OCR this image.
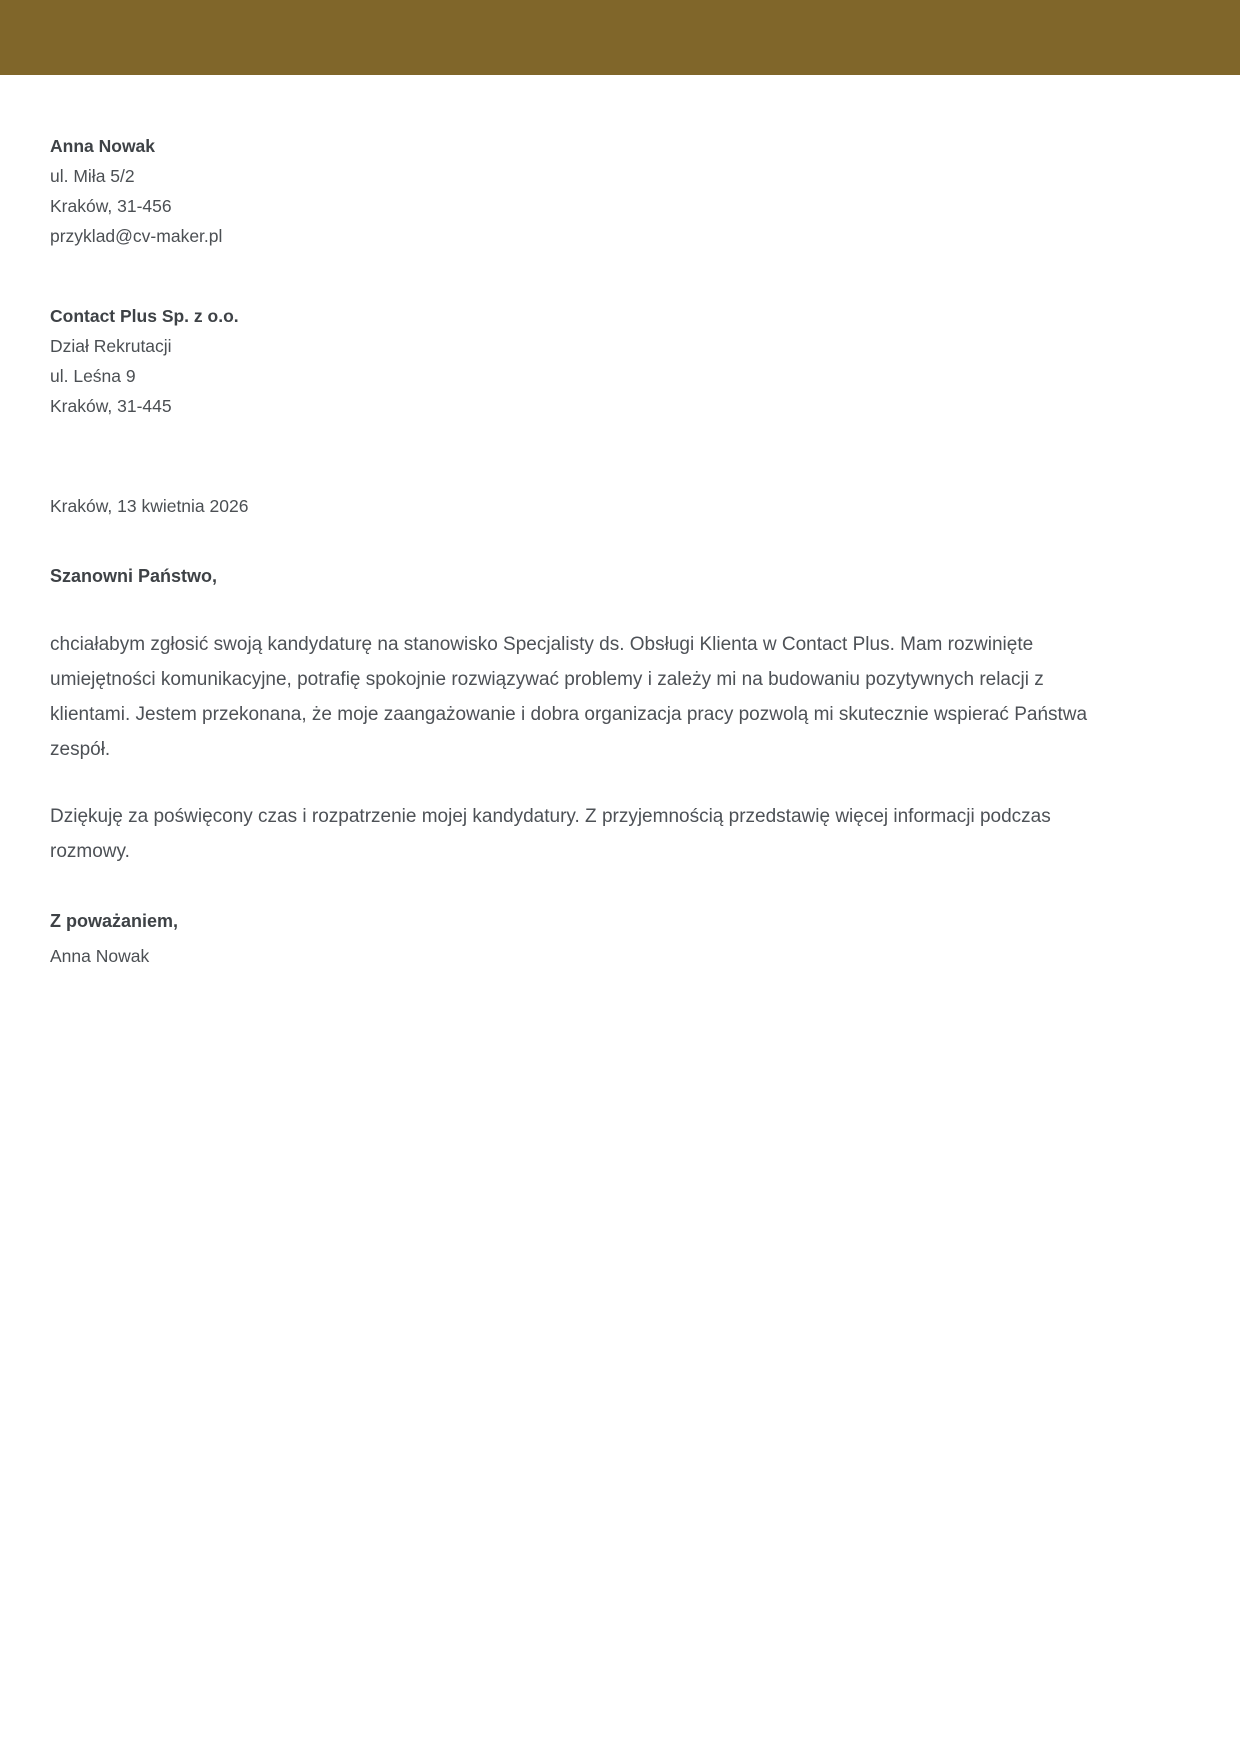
Anna Nowak
ul. Miła 5/2
Kraków, 31-456
przyklad@cv-maker.pl
Contact Plus Sp. z o.o.
Dział Rekrutacji
ul. Leśna 9
Kraków, 31-445
Kraków, 13 kwietnia 2026
Szanowni Państwo,

chciałabym zgłosić swoją kandydaturę na stanowisko Specjalisty ds. Obsługi Klienta w Contact Plus. Mam rozwinięte umiejętności komunikacyjne, potrafię spokojnie rozwiązywać problemy i zależy mi na budowaniu pozytywnych relacji z klientami. Jestem przekonana, że moje zaangażowanie i dobra organizacja pracy pozwolą mi skutecznie wspierać Państwa zespół.

Dziękuję za poświęcony czas i rozpatrzenie mojej kandydatury. Z przyjemnością przedstawię więcej informacji podczas rozmowy.

Z poważaniem,
Anna Nowak
